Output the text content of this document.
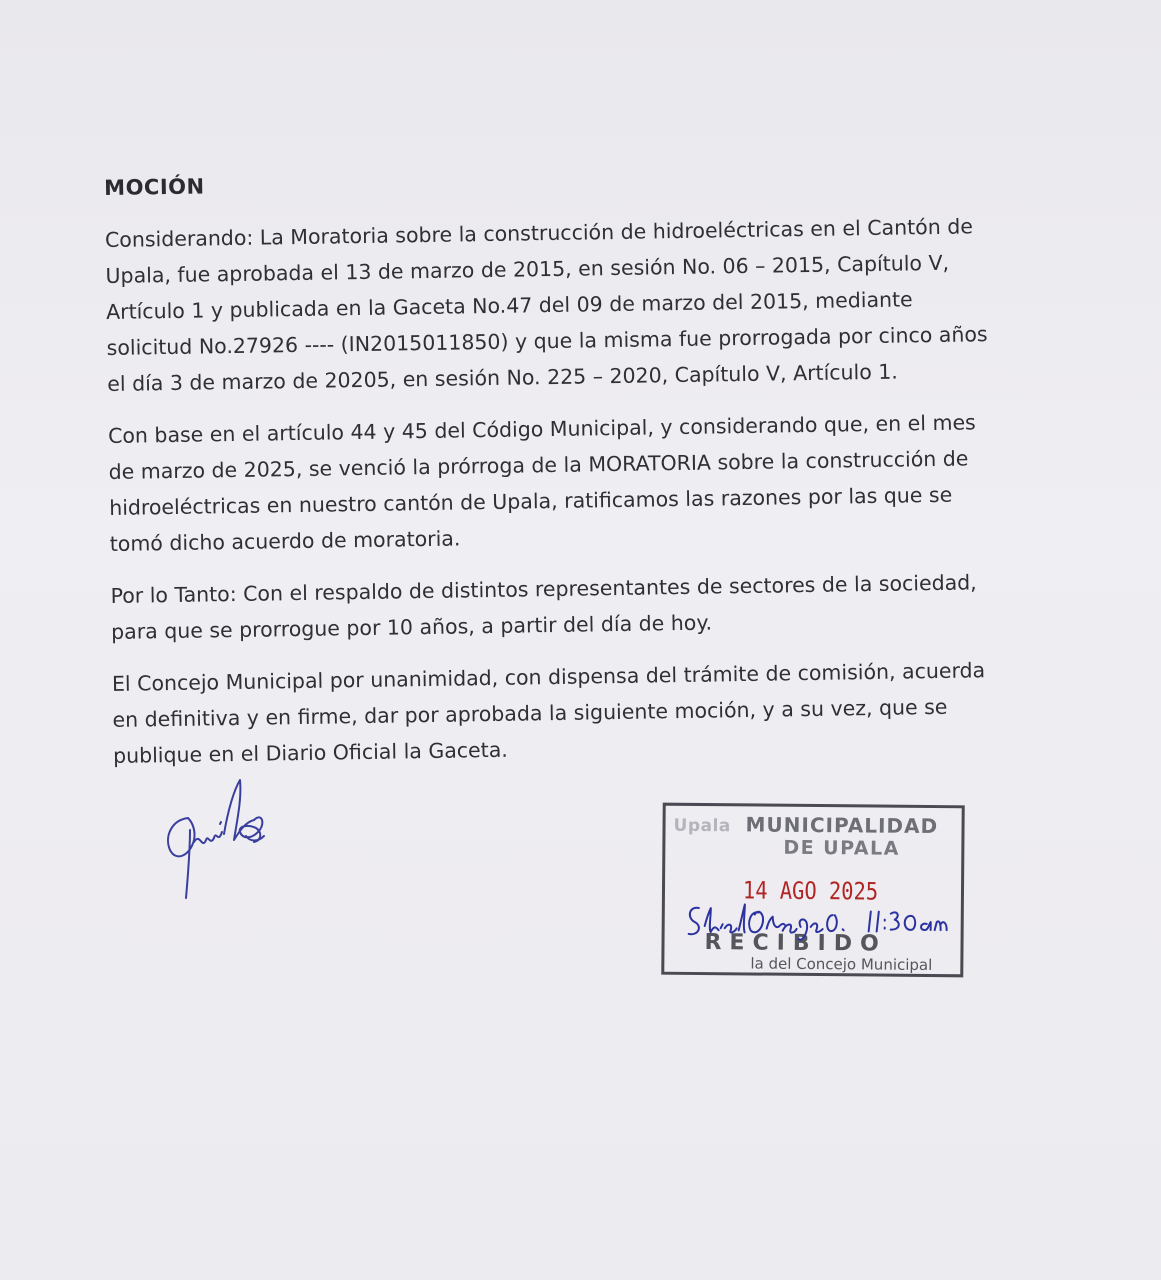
MOCIÓN
Considerando: La Moratoria sobre la construcción de hidroeléctricas en el Cantón de
Upala, fue aprobada el 13 de marzo de 2015, en sesión No. 06 – 2015, Capítulo V,
Artículo 1 y publicada en la Gaceta No.47 del 09 de marzo del 2015, mediante
solicitud No.27926 ---- (IN2015011850) y que la misma fue prorrogada por cinco años
el día 3 de marzo de 20205, en sesión No. 225 – 2020, Capítulo V, Artículo 1.
Con base en el artículo 44 y 45 del Código Municipal, y considerando que, en el mes
de marzo de 2025, se venció la prórroga de la MORATORIA sobre la construcción de
hidroeléctricas en nuestro cantón de Upala, ratificamos las razones por las que se
tomó dicho acuerdo de moratoria.
Por lo Tanto: Con el respaldo de distintos representantes de sectores de la sociedad,
para que se prorrogue por 10 años, a partir del día de hoy.
El Concejo Municipal por unanimidad, con dispensa del trámite de comisión, acuerda
en definitiva y en firme, dar por aprobada la siguiente moción, y a su vez, que se
publique en el Diario Oficial la Gaceta.
Upala MUNICIPALIDAD
DE UPALA
14 AGO 2025
RECIBIDO
la del Concejo Municipal
